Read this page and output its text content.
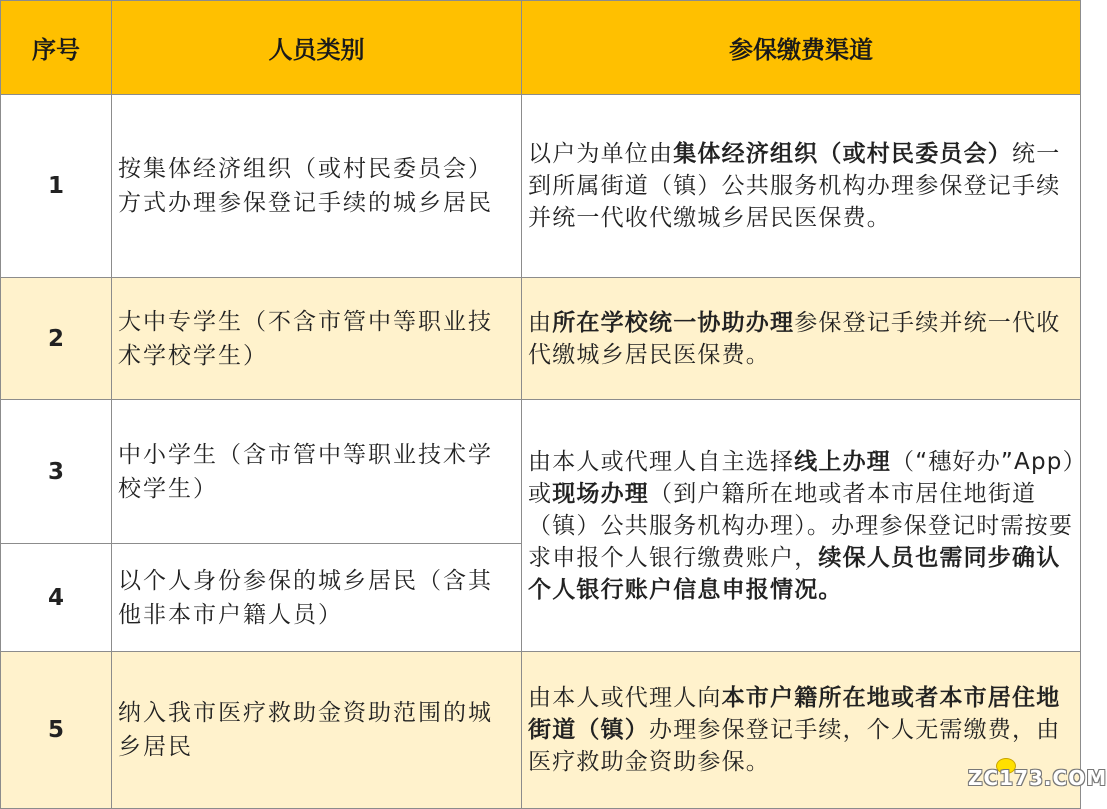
序号	人员类别	参保缴费渠道
1	按集体经济组织（或村民委员会）方式办理参保登记手续的城乡居民	以户为单位由集体经济组织（或村民委员会）统一到所属街道（镇）公共服务机构办理参保登记手续并统一代收代缴城乡居民医保费。
2	大中专学生（不含市管中等职业技术学校学生）	由所在学校统一协助办理参保登记手续并统一代收代缴城乡居民医保费。
3	中小学生（含市管中等职业技术学校学生）	由本人或代理人自主选择线上办理（“穗好办”App）或现场办理（到户籍所在地或者本市居住地街道（镇）公共服务机构办理）。办理参保登记时需按要求申报个人银行缴费账户，续保人员也需同步确认个人银行账户信息申报情况。
4	以个人身份参保的城乡居民（含其他非本市户籍人员）	
5	纳入我市医疗救助金资助范围的城乡居民	由本人或代理人向本市户籍所在地或者本市居住地街道（镇）办理参保登记手续，个人无需缴费，由医疗救助金资助参保。
ZC173.COM
